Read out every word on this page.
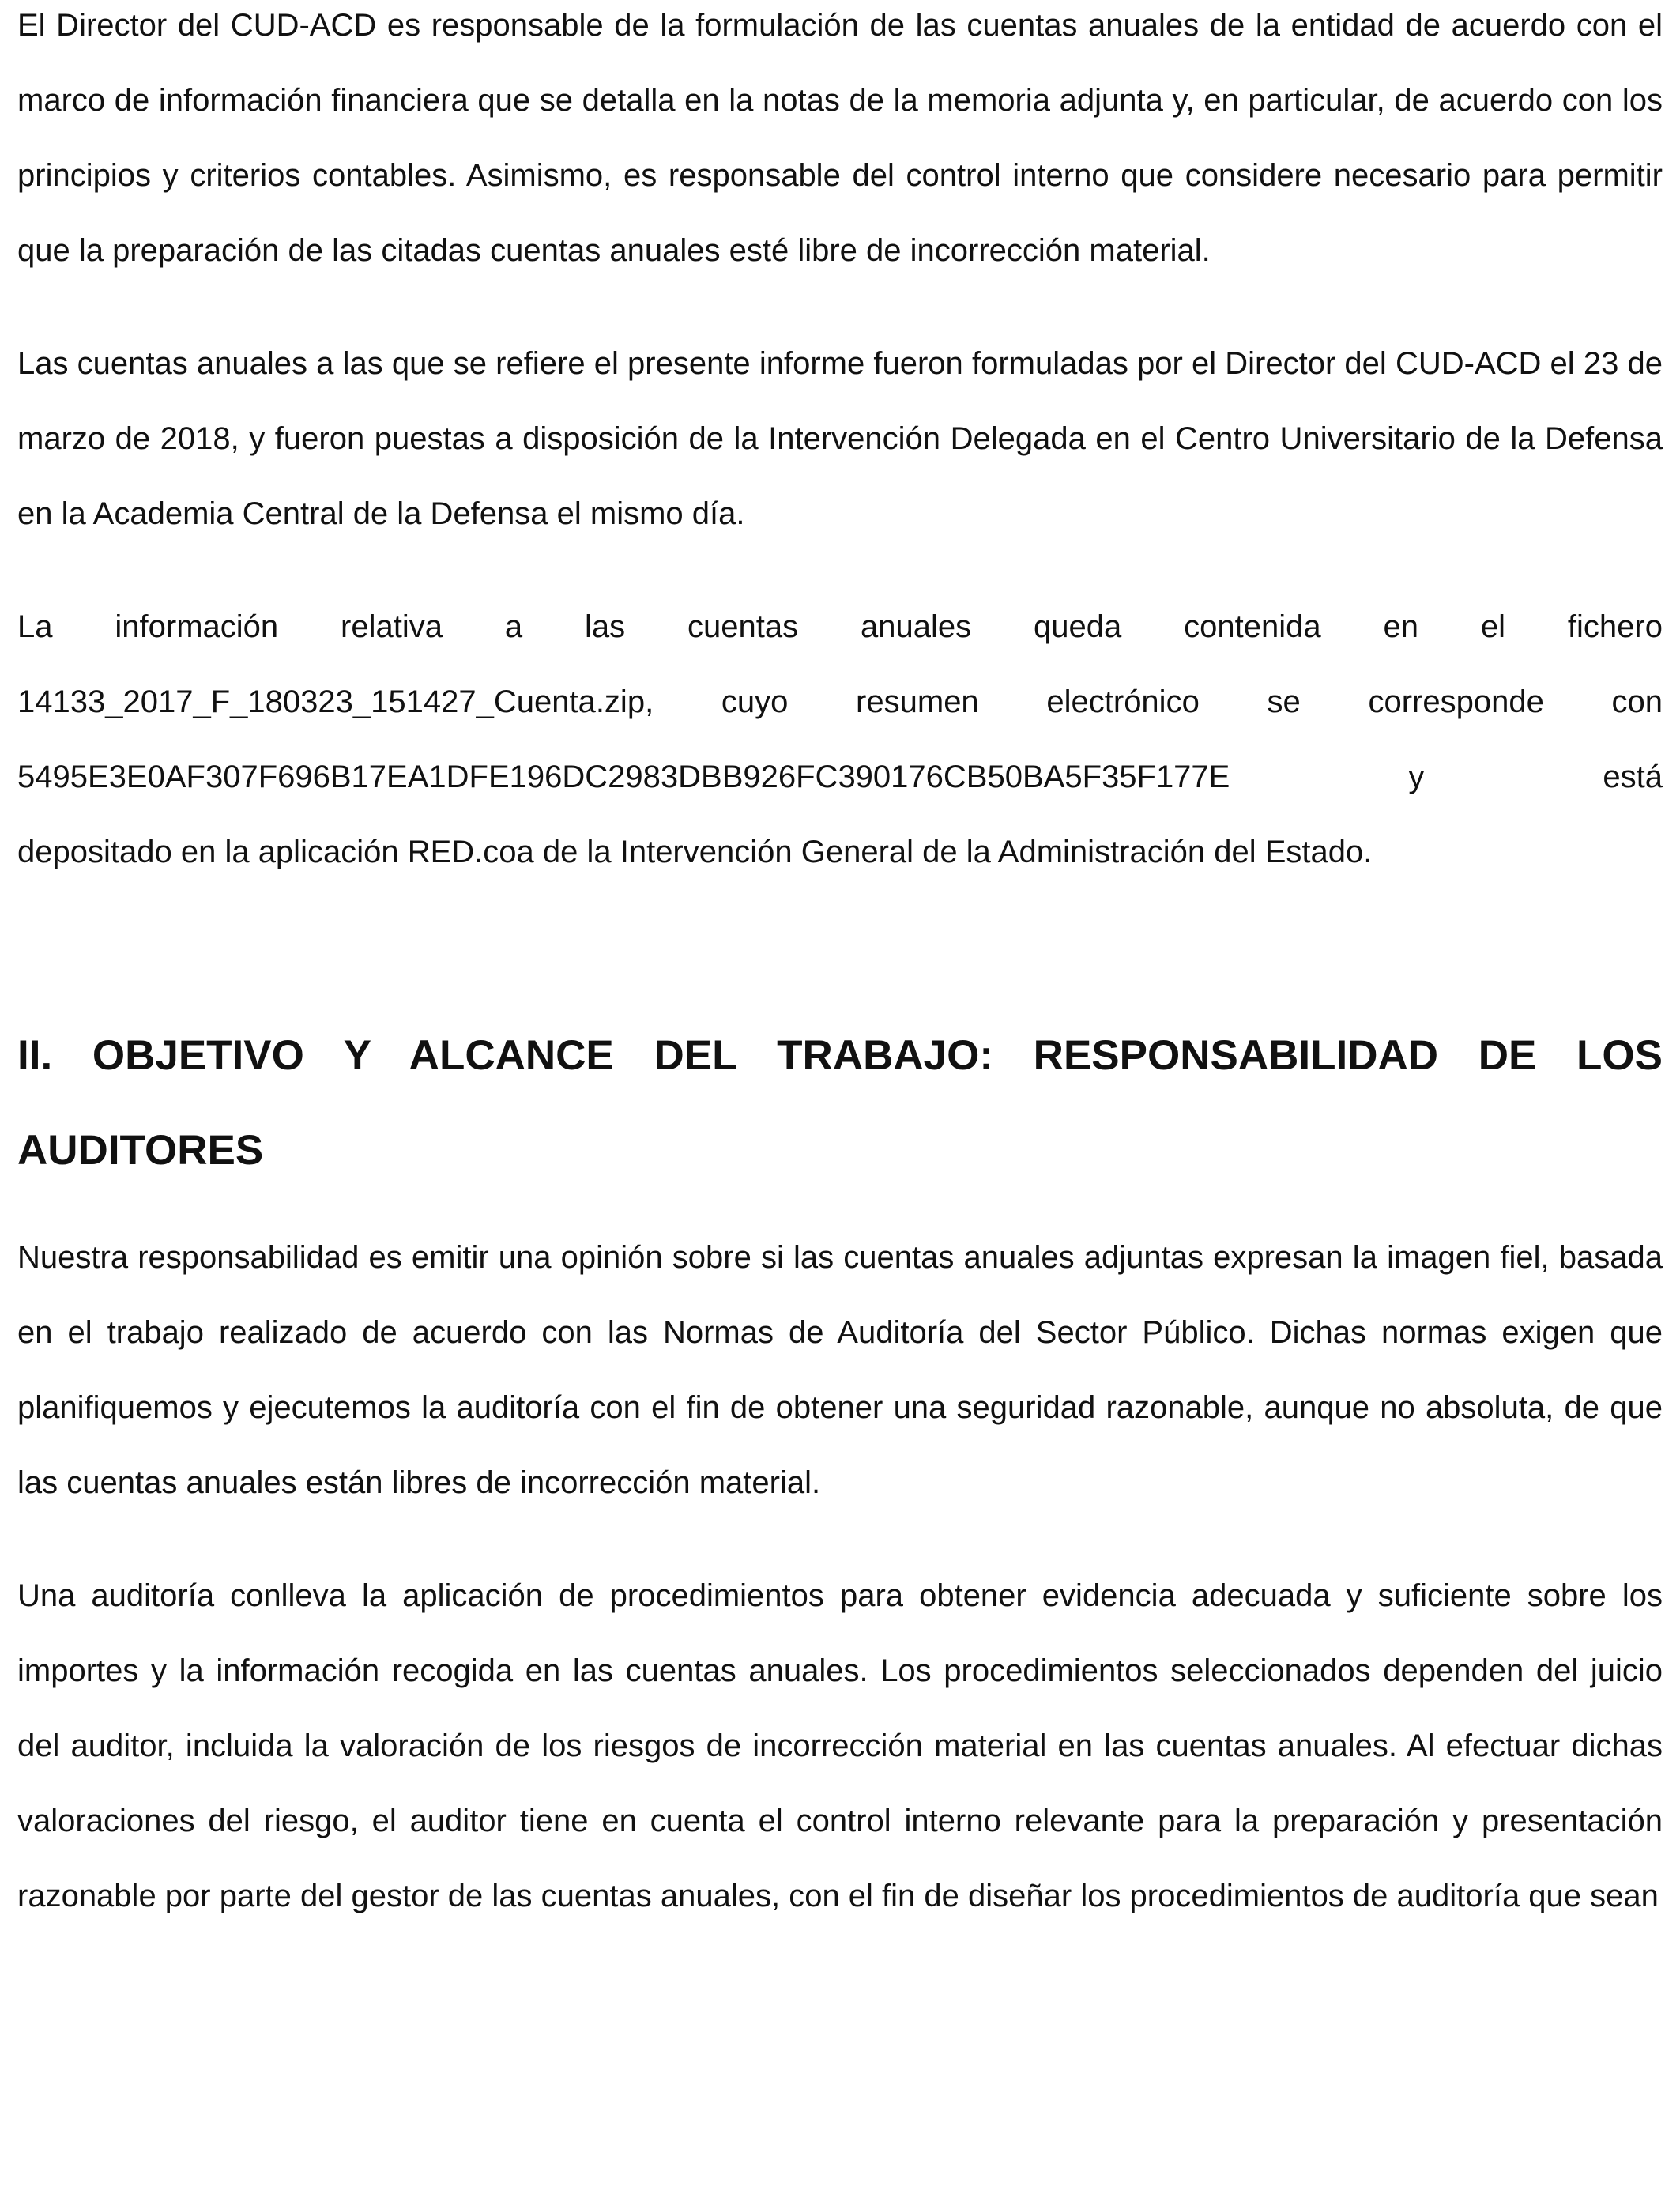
El Director del CUD-ACD es responsable de la formulación de las cuentas anuales de la entidad de acuerdo con el marco de información financiera que se detalla en la notas de la memoria adjunta y, en particular, de acuerdo con los principios y criterios contables. Asimismo, es responsable del control interno que considere necesario para permitir que la preparación de las citadas cuentas anuales esté libre de incorrección material.

Las cuentas anuales a las que se refiere el presente informe fueron formuladas por el Director del CUD-ACD el 23 de marzo de 2018, y fueron puestas a disposición de la Intervención Delegada en el Centro Universitario de la Defensa en la Academia Central de la Defensa el mismo día.

La información relativa a las cuentas anuales queda contenida en el fichero 14133_2017_F_180323_151427_Cuenta.zip, cuyo resumen electrónico se corresponde con
5495E3E0AF307F696B17EA1DFE196DC2983DBB926FC390176CB50BA5F35F177E	y	está
depositado en la aplicación RED.coa de la Intervención General de la Administración del Estado.
II. OBJETIVO Y ALCANCE DEL TRABAJO: RESPONSABILIDAD DE LOS AUDITORES

Nuestra responsabilidad es emitir una opinión sobre si las cuentas anuales adjuntas expresan la imagen fiel, basada en el trabajo realizado de acuerdo con las Normas de Auditoría del Sector Público. Dichas normas exigen que planifiquemos y ejecutemos la auditoría con el fin de obtener una seguridad razonable, aunque no absoluta, de que las cuentas anuales están libres de incorrección material.

Una auditoría conlleva la aplicación de procedimientos para obtener evidencia adecuada y suficiente sobre los importes y la información recogida en las cuentas anuales. Los procedimientos seleccionados dependen del juicio del auditor, incluida la valoración de los riesgos de incorrección material en las cuentas anuales. Al efectuar dichas valoraciones del riesgo, el auditor tiene en cuenta el control interno relevante para la preparación y presentación razonable por parte del gestor de las cuentas anuales, con el fin de diseñar los procedimientos de auditoría que sean
